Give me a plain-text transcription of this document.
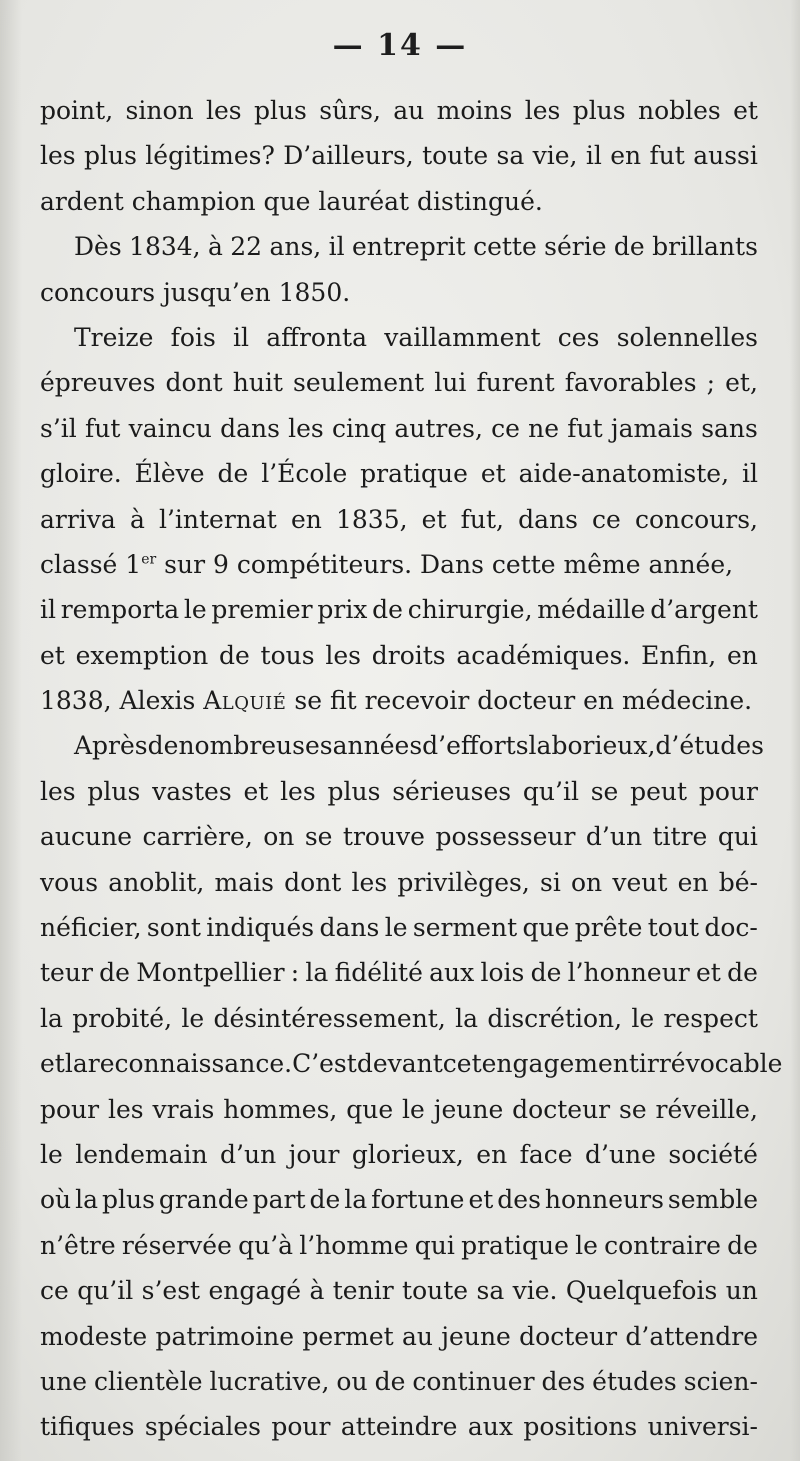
— 14 —
point, sinon les plus sûrs, au moins les plus nobles et
les plus légitimes? D’ailleurs, toute sa vie, il en fut aussi
ardent champion que lauréat distingué.
Dès 1834, à 22 ans, il entreprit cette série de brillants
concours jusqu’en 1850.
Treize fois il affronta vaillamment ces solennelles
épreuves dont huit seulement lui furent favorables ; et,
s’il fut vaincu dans les cinq autres, ce ne fut jamais sans
gloire. Élève de l’École pratique et aide-anatomiste, il
arriva à l’internat en 1835, et fut, dans ce concours,
classé 1er sur 9 compétiteurs. Dans cette même année,
il remporta le premier prix de chirurgie, médaille d’argent
et exemption de tous les droits académiques. Enfin, en
1838, Alexis Alquié se fit recevoir docteur en médecine.
Après de nombreuses années d’efforts laborieux, d’études
les plus vastes et les plus sérieuses qu’il se peut pour
aucune carrière, on se trouve possesseur d’un titre qui
vous anoblit, mais dont les privilèges, si on veut en bé-
néficier, sont indiqués dans le serment que prête tout doc-
teur de Montpellier : la fidélité aux lois de l’honneur et de
la probité, le désintéressement, la discrétion, le respect
et la reconnaissance. C’est devant cet engagement irrévocable
pour les vrais hommes, que le jeune docteur se réveille,
le lendemain d’un jour glorieux, en face d’une société
où la plus grande part de la fortune et des honneurs semble
n’être réservée qu’à l’homme qui pratique le contraire de
ce qu’il s’est engagé à tenir toute sa vie. Quelquefois un
modeste patrimoine permet au jeune docteur d’attendre
une clientèle lucrative, ou de continuer des études scien-
tifiques spéciales pour atteindre aux positions universi-
